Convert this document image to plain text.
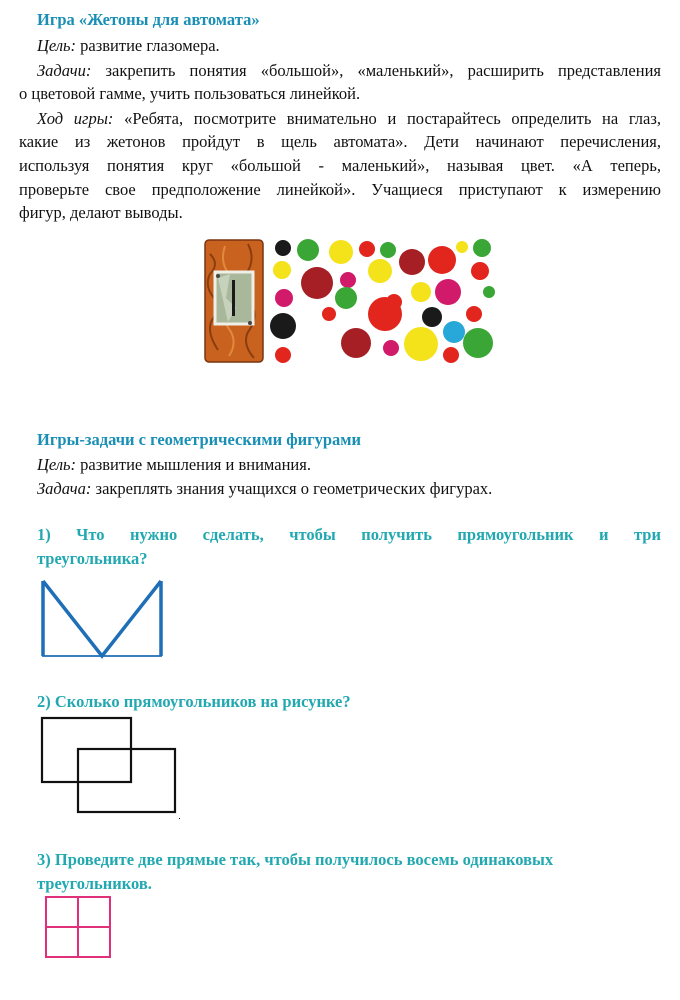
Игра «Жетоны для автомата»
Цель: развитие глазомера.
Задачи: закрепить понятия «большой», «маленький», расширить представления
о цветовой гамме, учить пользоваться линейкой.
Ход игры: «Ребята, посмотрите внимательно и постарайтесь определить на глаз,
какие из жетонов пройдут в щель автомата». Дети начинают перечисления,
используя понятия круг «большой - маленький», называя цвет. «А теперь,
проверьте свое предположение линейкой». Учащиеся приступают к измерению
фигур, делают выводы.
Игры-задачи с геометрическими фигурами
Цель: развитие мышления и внимания.
Задача: закреплять знания учащихся о геометрических фигурах.
1) Что нужно сделать, чтобы получить прямоугольник и три
треугольника?
2) Сколько прямоугольников на рисунке?
3) Проведите две прямые так, чтобы получилось восемь одинаковых
треугольников.
